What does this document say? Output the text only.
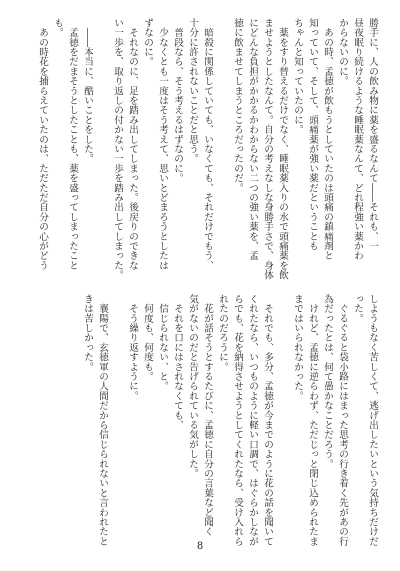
勝手に、人の飲み物に薬を盛るなんて――それも、一
昼夜眠り続けるような睡眠薬なんて、どれ程強い薬かわ
からないのに。
　あの時、孟徳が飲もうとしていたのは頭痛の鎮痛剤と
知っていて、そして、頭痛薬が強い薬だということも
ちゃんと知っていたのに。
　薬をすり替えるだけでなく、睡眠薬入りの水で頭痛薬を飲
ませようとしたなんて。自分の考えなしな身勝手さで、身体
にどんな負担がかかるかわからない二つの強い薬を、孟
徳に飲ませてしまうところだったのだ。
　暗殺に関係していても、いなくても、それだけでもう、
十分に許されないことだと思う。
　普段なら、そう考えるはずなのに。
　少なくとも一度はそう考えて、思いとどまろうとしたは
ずなのに。
　それなのに、足を踏み出してしまった。後戻りのできな
い一歩を、取り返しの付かない一歩を踏み出してしまった。
　――本当に、酷いことをした。
　孟徳をだまそうとしたことも、薬を盛ってしまったこと
も。
　あの時花を捕らえていたのは、ただただ自分の心がどう
しようもなく苦しくて、逃げ出したいという気持ちだけだ
った。
　ぐるぐると袋小路にはまった思考の行き着く先があの行
為だったとは、何て愚かなことだろう。
　けれど、孟徳に逆らわず、ただじっと閉じ込められたま
まではいられなかった。
　それでも、多分、孟徳が今までのように花の話を聞いて
くれたなら、いつものように軽い口調で、はぐらかしなが
らでも、花を納得させようとしてくれたなら、受け入れら
れたのだろうに。
　花が話そうとするたびに、孟徳に自分の言葉など聞く
気がないのだと告げられている気がした。
　それを口にはされなくても、
　信じられない、と。
　何度も、何度も。
　そう繰り返すように。
　襄陽で、玄徳軍の人間だから信じられないと言われたと
きは苦しかった。
8
